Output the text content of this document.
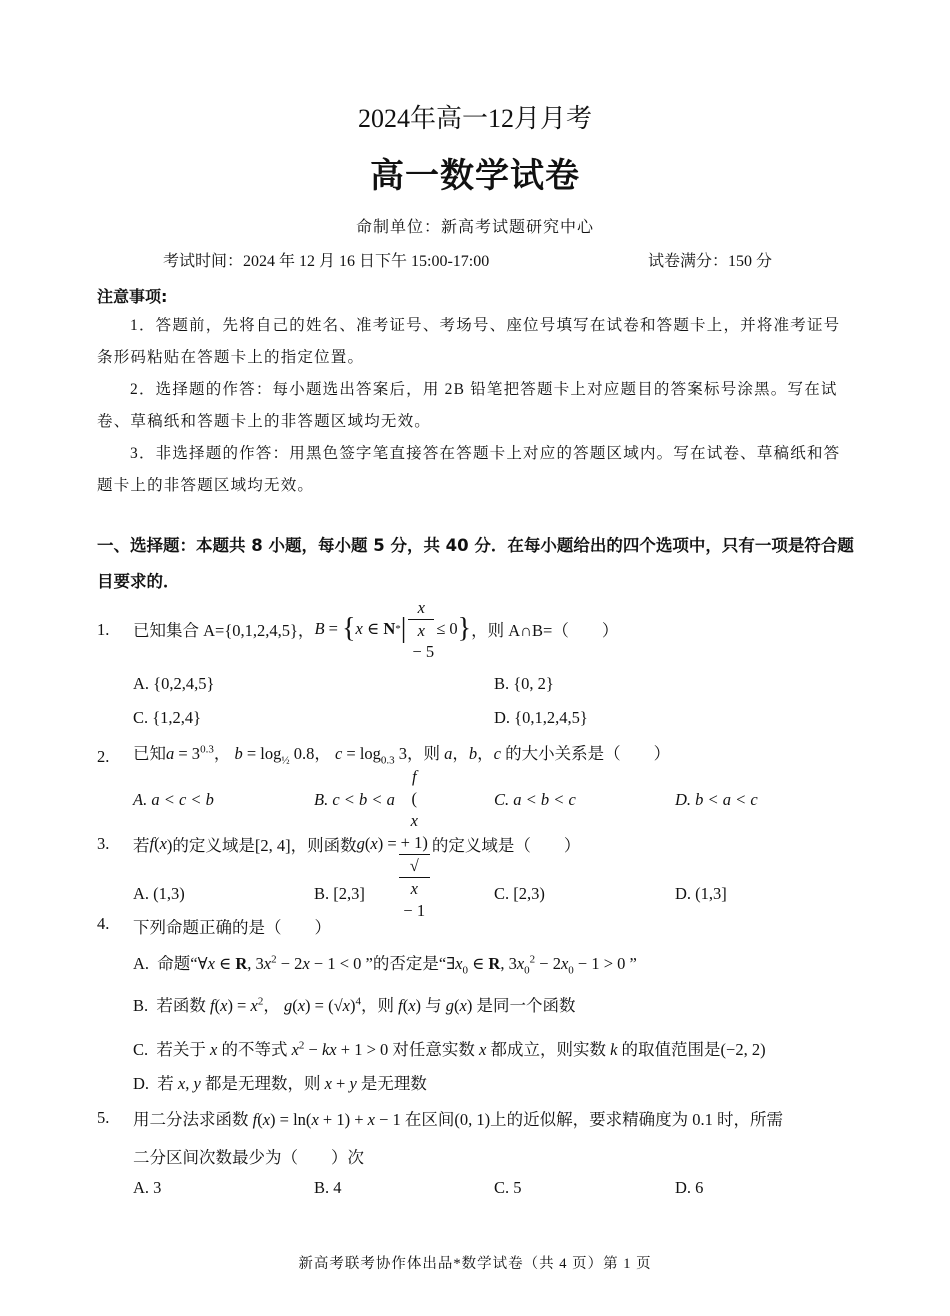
2024年高一12月月考
高一数学试卷
命制单位：新高考试题研究中心
考试时间：2024 年 12 月 16 日下午 15:00-17:00	试卷满分：150 分
注意事项:
1．答题前，先将自己的姓名、准考证号、考场号、座位号填写在试卷和答题卡上，并将准考证号条形码粘贴在答题卡上的指定位置。
2．选择题的作答：每小题选出答案后，用 2B 铅笔把答题卡上对应题目的答案标号涂黑。写在试卷、草稿纸和答题卡上的非答题区域均无效。
3．非选择题的作答：用黑色签字笔直接答在答题卡上对应的答题区域内。写在试卷、草稿纸和答题卡上的非答题区域均无效。
一、选择题：本题共 8 小题，每小题 5 分，共 40 分．在每小题给出的四个选项中，只有一项是符合题目要求的．
1. 已知集合 A={0,1,2,4,5}， B = { x ∈ N * |
x
x
− 5
≤ 0 } ，则 A∩B=（　　）
A. {0,2,4,5}	B. {0, 2}
C. {1,2,4}	D. {0,1,2,4,5}
2. 已知$a = 3^{0.3}$， $b = \log_{\frac{1}{2}} 0.8$， $c = \log_{0.3} 3$，则 a，b，c 的大小关系是（　　）
A. a < c < b	B. c < b < a	C. a < b < c	D. b < a < c
3. 若 f ( x )的定义域是[2, 4]，则函数 g ( x ) = f
(
x
+ 1)
√
x
− 1 的定义域是（　　）
A. (1,3)	B. [2,3]	C. [2,3)	D. (1,3]
4. 下列命题正确的是（　　）
A.  命题“∀x ∈ R, $3x^2 - 2x - 1 < 0$ ”的否定是“$\exists x_0$ ∈ R, $3x_0^2 - 2x_0 - 1 > 0$ ”
B.  若函数 $f(x) = x^2$， $g(x) = (√x)^4$，则 f(x) 与 g(x) 是同一个函数
C.  若关于 x 的不等式 $x^2$ − kx + 1 > 0 对任意实数 x 都成立，则实数 k 的取值范围是(−2, 2)
D.  若 x, y 都是无理数，则 x + y 是无理数
5. 用二分法求函数 f(x) = ln(x + 1) + x − 1 在区间(0, 1)上的近似解，要求精确度为 0.1 时，所需
二分区间次数最少为（　　）次
A. 3	B. 4	C. 5	D. 6
新高考联考协作体出品*数学试卷（共 4 页）第 1 页
